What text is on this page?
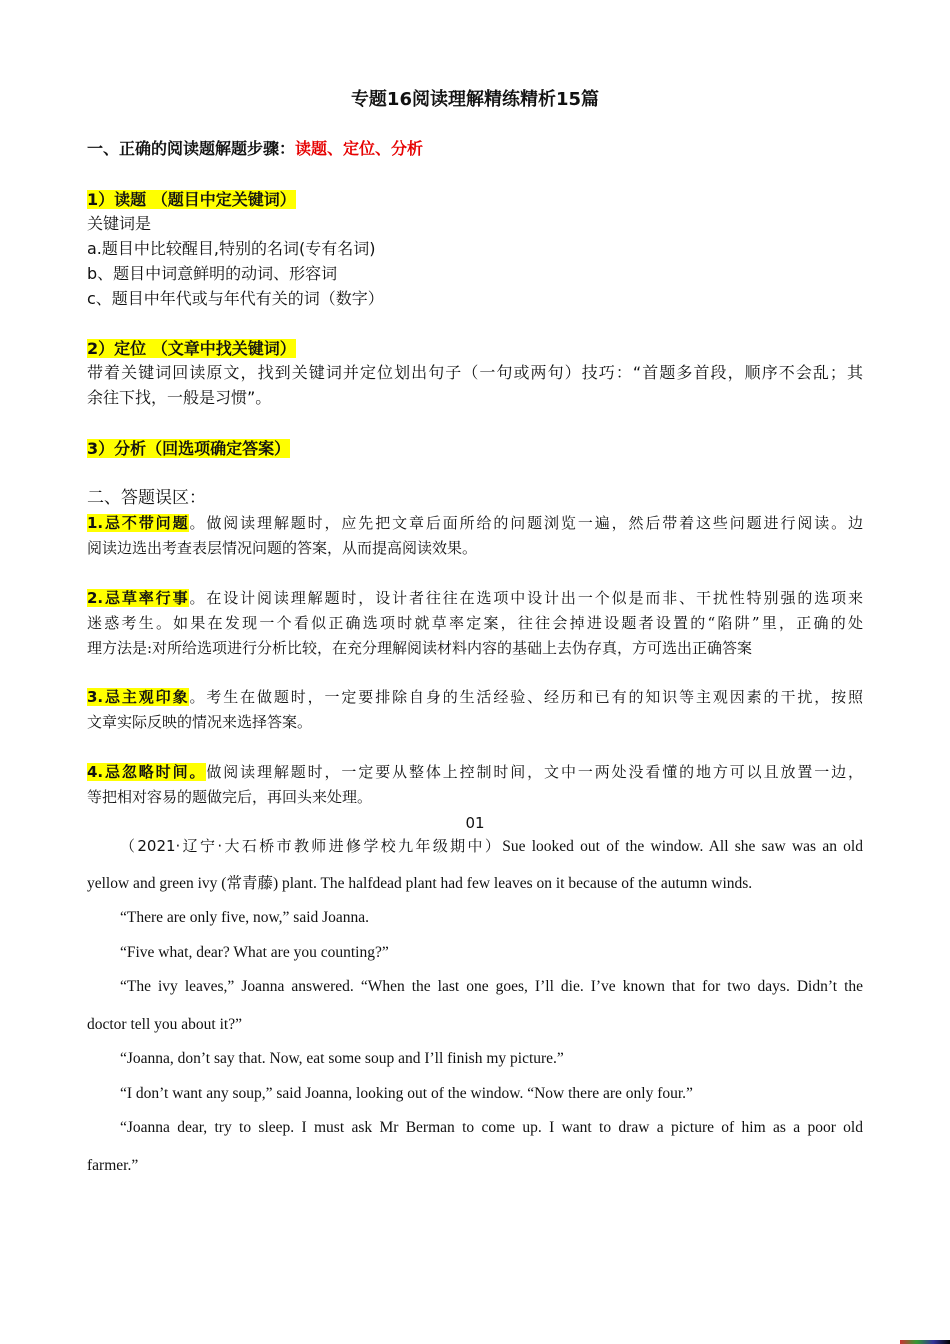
专题16阅读理解精练精析15篇
一、正确的阅读题解题步骤：读题、定位、分析
1）读题 （题目中定关键词）
关键词是
a.题目中比较醒目,特别的名词(专有名词)
b、题目中词意鲜明的动词、形容词
c、题目中年代或与年代有关的词（数字）
2）定位 （文章中找关键词）
带着关键词回读原文，找到关键词并定位划出句子（一句或两句）技巧：“首题多首段，顺序不会乱；其
余往下找，一般是习惯”。
3）分析（回选项确定答案）
二、答题误区：
1.忌不带问题。做阅读理解题时，应先把文章后面所给的问题浏览一遍，然后带着这些问题进行阅读。边
阅读边选出考查表层情况问题的答案，从而提高阅读效果。
2.忌草率行事。在设计阅读理解题时，设计者往往在选项中设计出一个似是而非、干扰性特别强的选项来
迷惑考生。如果在发现一个看似正确选项时就草率定案，往往会掉进设题者设置的“陷阱”里，正确的处
理方法是:对所给选项进行分析比较，在充分理解阅读材料内容的基础上去伪存真，方可选出正确答案
3.忌主观印象。考生在做题时，一定要排除自身的生活经验、经历和已有的知识等主观因素的干扰，按照
文章实际反映的情况来选择答案。
4.忌忽略时间。做阅读理解题时，一定要从整体上控制时间，文中一两处没看懂的地方可以且放置一边，
等把相对容易的题做完后，再回头来处理。
01
（2021·辽宁·大石桥市教师进修学校九年级期中）Sue looked out of the window. All she saw was an old
yellow and green ivy (常青藤) plant. The halfdead plant had few leaves on it because of the autumn winds.
“There are only five, now,” said Joanna.
“Five what, dear? What are you counting?”
“The ivy leaves,” Joanna answered. “When the last one goes, I’ll die. I’ve known that for two days. Didn’t the
doctor tell you about it?”
“Joanna, don’t say that. Now, eat some soup and I’ll finish my picture.”
“I don’t want any soup,” said Joanna, looking out of the window. “Now there are only four.”
“Joanna dear, try to sleep. I must ask Mr Berman to come up. I want to draw a picture of him as a poor old
farmer.”
